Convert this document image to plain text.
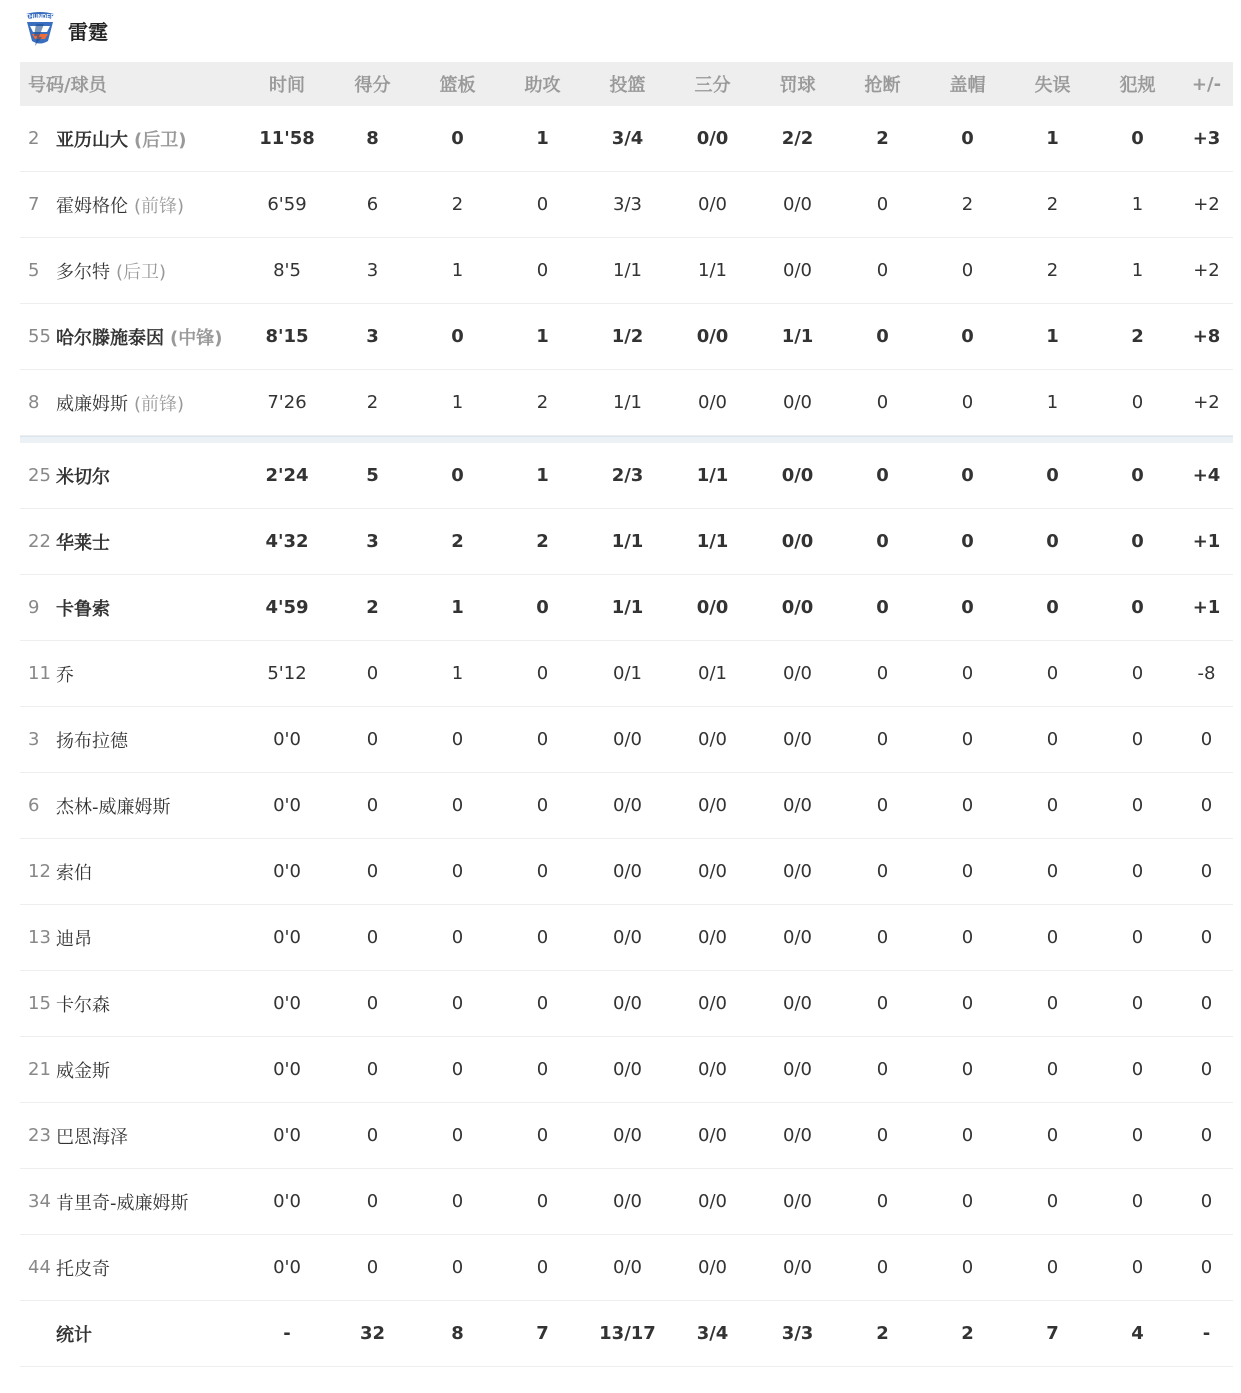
THUNDER
雷霆
号码/球员	时间	得分	篮板	助攻	投篮	三分	罚球	抢断	盖帽	失误	犯规	+/-
2 亚历山大 (后卫)	11'58	8	0	1	3/4	0/0	2/2	2	0	1	0	+3
7 霍姆格伦 (前锋)	6'59	6	2	0	3/3	0/0	0/0	0	2	2	1	+2
5 多尔特 (后卫)	8'5	3	1	0	1/1	1/1	0/0	0	0	2	1	+2
55 哈尔滕施泰因 (中锋)	8'15	3	0	1	1/2	0/0	1/1	0	0	1	2	+8
8 威廉姆斯 (前锋)	7'26	2	1	2	1/1	0/0	0/0	0	0	1	0	+2
25 米切尔	2'24	5	0	1	2/3	1/1	0/0	0	0	0	0	+4
22 华莱士	4'32	3	2	2	1/1	1/1	0/0	0	0	0	0	+1
9 卡鲁索	4'59	2	1	0	1/1	0/0	0/0	0	0	0	0	+1
11 乔	5'12	0	1	0	0/1	0/1	0/0	0	0	0	0	-8
3 扬布拉德	0'0	0	0	0	0/0	0/0	0/0	0	0	0	0	0
6 杰林-威廉姆斯	0'0	0	0	0	0/0	0/0	0/0	0	0	0	0	0
12 索伯	0'0	0	0	0	0/0	0/0	0/0	0	0	0	0	0
13 迪昂	0'0	0	0	0	0/0	0/0	0/0	0	0	0	0	0
15 卡尔森	0'0	0	0	0	0/0	0/0	0/0	0	0	0	0	0
21 威金斯	0'0	0	0	0	0/0	0/0	0/0	0	0	0	0	0
23 巴恩海泽	0'0	0	0	0	0/0	0/0	0/0	0	0	0	0	0
34 肯里奇-威廉姆斯	0'0	0	0	0	0/0	0/0	0/0	0	0	0	0	0
44 托皮奇	0'0	0	0	0	0/0	0/0	0/0	0	0	0	0	0
统计	-	32	8	7	13/17	3/4	3/3	2	2	7	4	-
